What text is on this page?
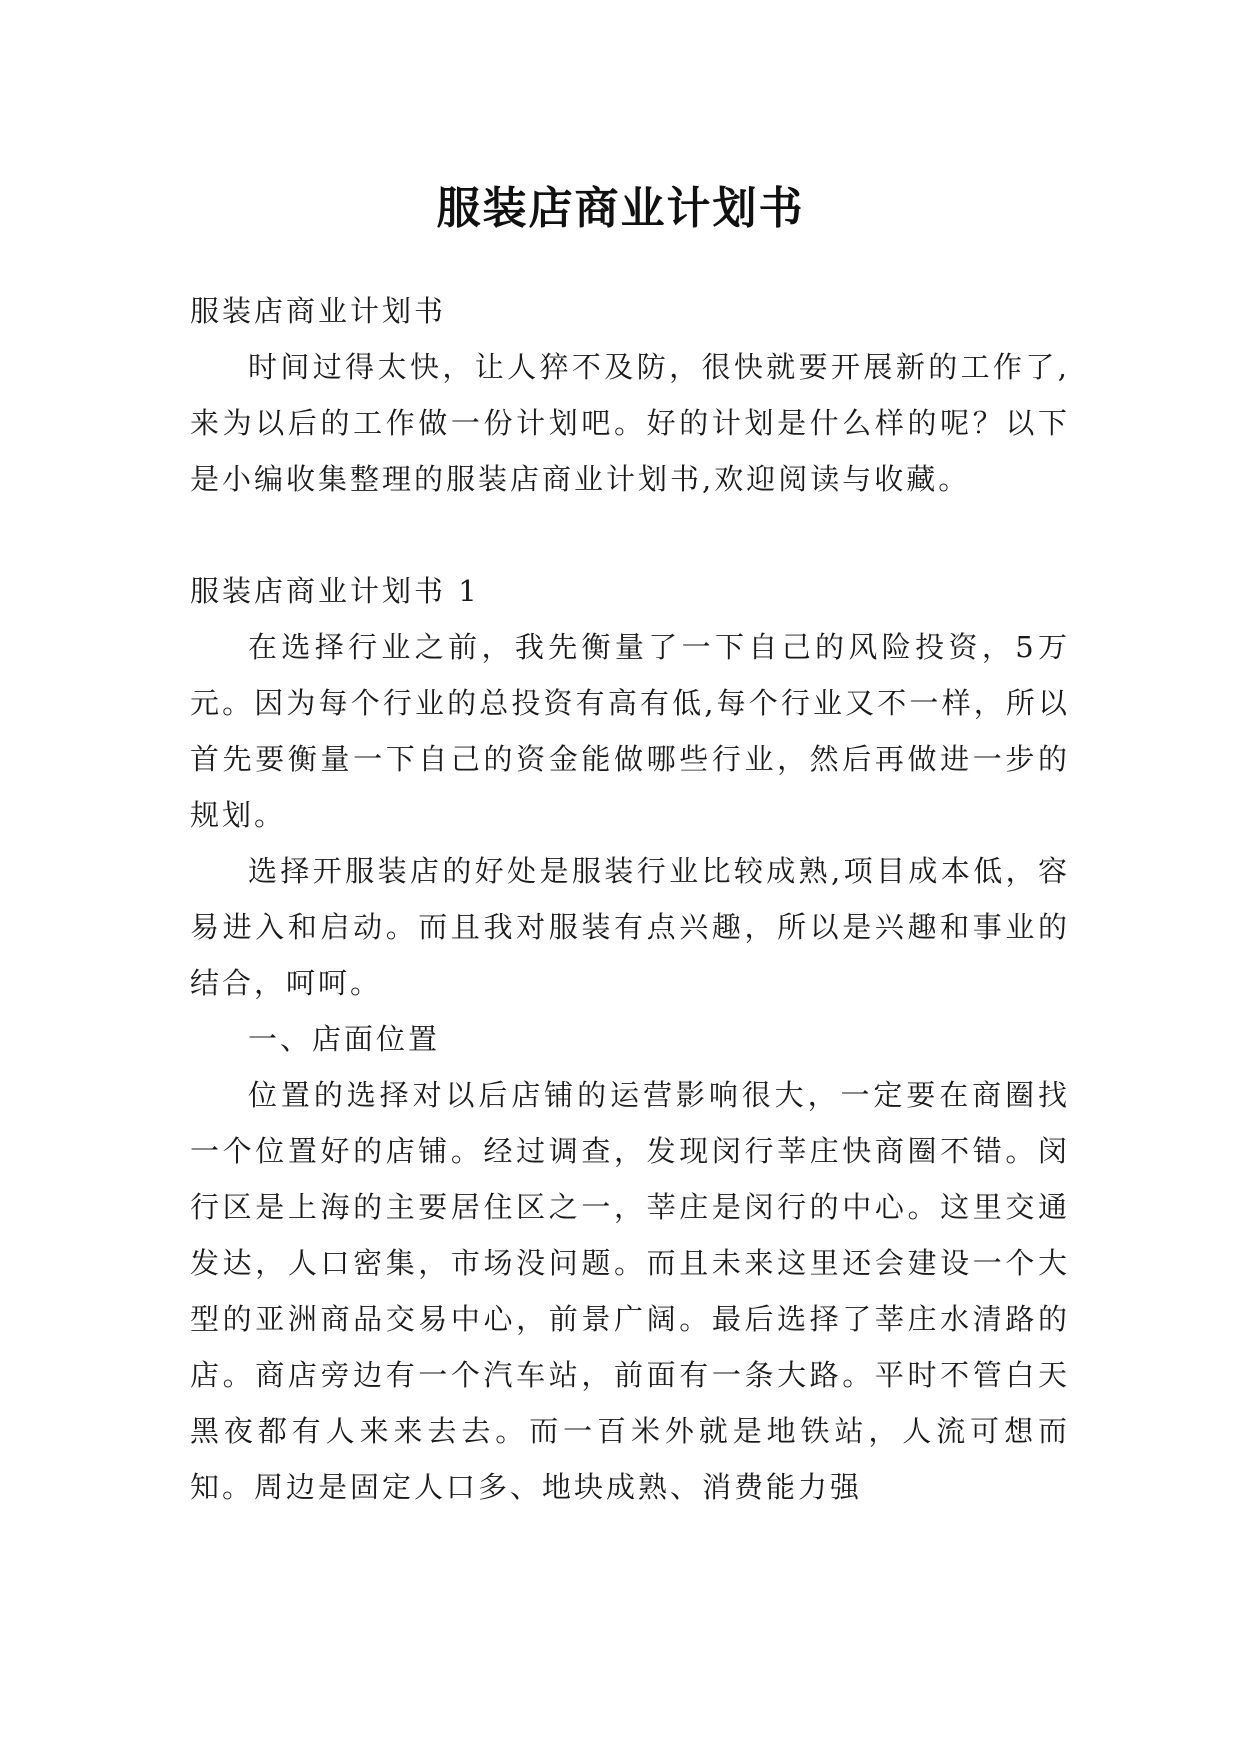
服装店商业计划书

服装店商业计划书

时间过得太快，让人猝不及防，很快就要开展新的工作了,来为以后的工作做一份计划吧。好的计划是什么样的呢？以下是小编收集整理的服装店商业计划书,欢迎阅读与收藏。

服装店商业计划书 1

在选择行业之前，我先衡量了一下自己的风险投资，5万元。因为每个行业的总投资有高有低,每个行业又不一样，所以首先要衡量一下自己的资金能做哪些行业，然后再做进一步的规划。

选择开服装店的好处是服装行业比较成熟,项目成本低，容易进入和启动。而且我对服装有点兴趣，所以是兴趣和事业的结合，呵呵。

一、店面位置

位置的选择对以后店铺的运营影响很大，一定要在商圈找一个位置好的店铺。经过调查，发现闵行莘庄快商圈不错。闵行区是上海的主要居住区之一，莘庄是闵行的中心。这里交通发达，人口密集，市场没问题。而且未来这里还会建设一个大型的亚洲商品交易中心，前景广阔。最后选择了莘庄水清路的店。商店旁边有一个汽车站，前面有一条大路。平时不管白天黑夜都有人来来去去。而一百米外就是地铁站，人流可想而知。周边是固定人口多、地块成熟、消费能力强
